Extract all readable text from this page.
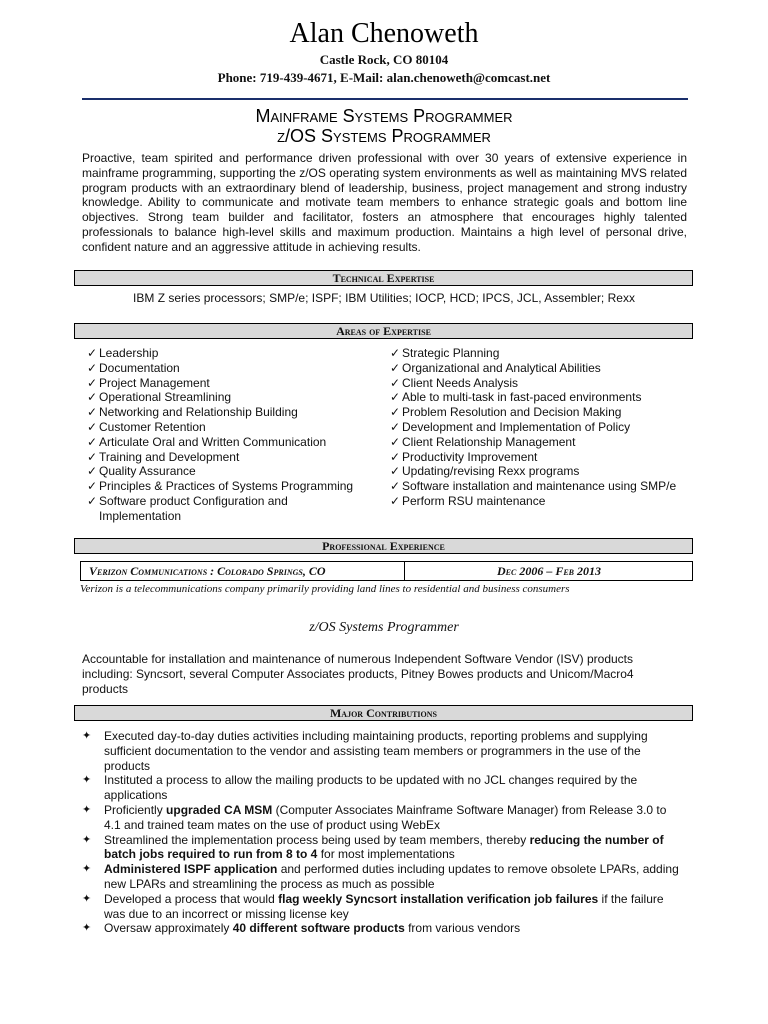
Alan Chenoweth
Castle Rock, CO 80104
Phone: 719-439-4671, E-Mail: alan.chenoweth@comcast.net
Mainframe Systems Programmer
z/OS Systems Programmer
Proactive, team spirited and performance driven professional with over 30 years of extensive experience in mainframe programming, supporting the z/OS operating system environments as well as maintaining MVS related program products with an extraordinary blend of leadership, business, project management and strong industry knowledge. Ability to communicate and motivate team members to enhance strategic goals and bottom line objectives. Strong team builder and facilitator, fosters an atmosphere that encourages highly talented professionals to balance high-level skills and maximum production. Maintains a high level of personal drive, confident nature and an aggressive attitude in achieving results.
Technical Expertise
IBM Z series processors; SMP/e; ISPF; IBM Utilities; IOCP, HCD; IPCS, JCL, Assembler; Rexx
Areas of Expertise
✓ Leadership
✓ Documentation
✓ Project Management
✓ Operational Streamlining
✓ Networking and Relationship Building
✓ Customer Retention
✓ Articulate Oral and Written Communication
✓ Training and Development
✓ Quality Assurance
✓ Principles & Practices of Systems Programming
✓ Software product Configuration and Implementation
✓ Strategic Planning
✓ Organizational and Analytical Abilities
✓ Client Needs Analysis
✓ Able to multi-task in fast-paced environments
✓ Problem Resolution and Decision Making
✓ Development and Implementation of Policy
✓ Client Relationship Management
✓ Productivity Improvement
✓ Updating/revising Rexx programs
✓ Software installation and maintenance using SMP/e
✓ Perform RSU maintenance
Professional Experience
Verizon Communications : Colorado Springs, CO	Dec 2006 – Feb 2013
Verizon is a telecommunications company primarily providing land lines to residential and business consumers
z/OS Systems Programmer
Accountable for installation and maintenance of numerous Independent Software Vendor (ISV) products including: Syncsort, several Computer Associates products, Pitney Bowes products and Unicom/Macro4 products
Major Contributions
✦ Executed day-to-day duties activities including maintaining products, reporting problems and supplying sufficient documentation to the vendor and assisting team members or programmers in the use of the products
✦ Instituted a process to allow the mailing products to be updated with no JCL changes required by the applications
✦ Proficiently upgraded CA MSM (Computer Associates Mainframe Software Manager) from Release 3.0 to 4.1 and trained team mates on the use of product using WebEx
✦ Streamlined the implementation process being used by team members, thereby reducing the number of batch jobs required to run from 8 to 4 for most implementations
✦ Administered ISPF application and performed duties including updates to remove obsolete LPARs, adding new LPARs and streamlining the process as much as possible
✦ Developed a process that would flag weekly Syncsort installation verification job failures if the failure was due to an incorrect or missing license key
✦ Oversaw approximately 40 different software products from various vendors
